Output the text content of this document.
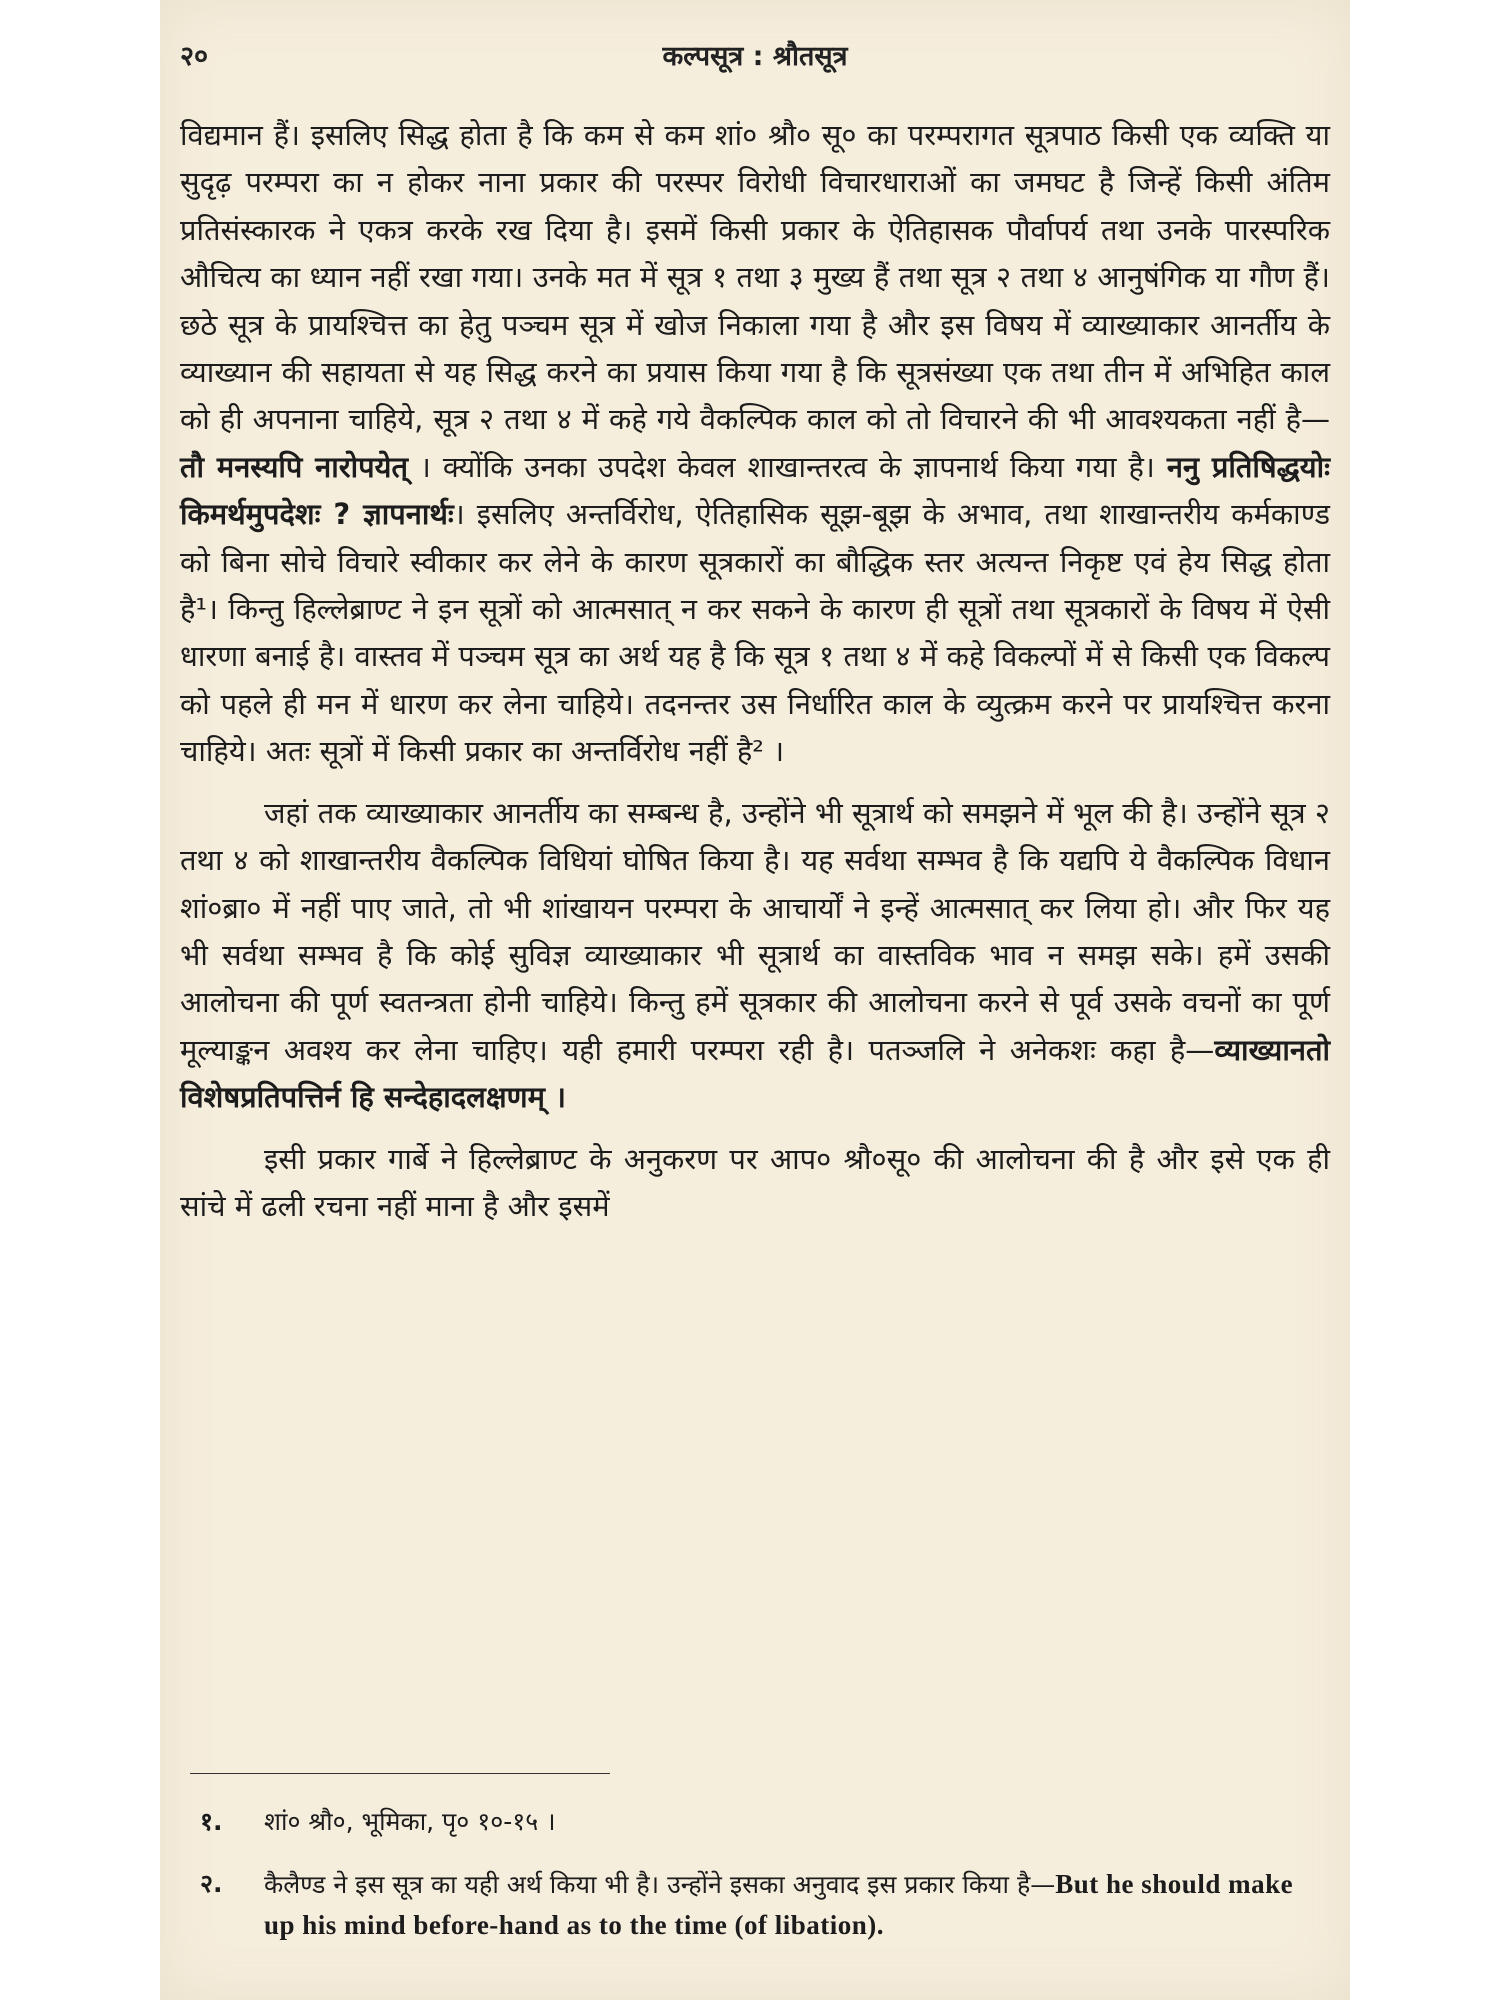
२०	कल्पसूत्र : श्रौतसूत्र

विद्यमान हैं। इसलिए सिद्ध होता है कि कम से कम शां० श्रौ० सू० का परम्परागत सूत्रपाठ किसी एक व्यक्ति या सुदृढ़ परम्परा का न होकर नाना प्रकार की परस्पर विरोधी विचारधाराओं का जमघट है जिन्हें किसी अंतिम प्रतिसंस्कारक ने एकत्र करके रख दिया है। इसमें किसी प्रकार के ऐतिहासक पौर्वापर्य तथा उनके पारस्परिक औचित्य का ध्यान नहीं रखा गया। उनके मत में सूत्र १ तथा ३ मुख्य हैं तथा सूत्र २ तथा ४ आनुषंगिक या गौण हैं। छठे सूत्र के प्रायश्चित्त का हेतु पञ्चम सूत्र में खोज निकाला गया है और इस विषय में व्याख्याकार आनर्तीय के व्याख्यान की सहायता से यह सिद्ध करने का प्रयास किया गया है कि सूत्रसंख्या एक तथा तीन में अभिहित काल को ही अपनाना चाहिये, सूत्र २ तथा ४ में कहे गये वैकल्पिक काल को तो विचारने की भी आवश्यकता नहीं है— तौ मनस्यपि नारोपयेत् । क्योंकि उनका उपदेश केवल शाखान्तरत्व के ज्ञापनार्थ किया गया है। ननु प्रतिषिद्धयोः किमर्थमुपदेशः ? ज्ञापनार्थः। इसलिए अन्तर्विरोध, ऐतिहासिक सूझ-बूझ के अभाव, तथा शाखान्तरीय कर्मकाण्ड को बिना सोचे विचारे स्वीकार कर लेने के कारण सूत्रकारों का बौद्धिक स्तर अत्यन्त निकृष्ट एवं हेय सिद्ध होता है¹। किन्तु हिल्लेब्राण्ट ने इन सूत्रों को आत्मसात् न कर सकने के कारण ही सूत्रों तथा सूत्रकारों के विषय में ऐसी धारणा बनाई है। वास्तव में पञ्चम सूत्र का अर्थ यह है कि सूत्र १ तथा ४ में कहे विकल्पों में से किसी एक विकल्प को पहले ही मन में धारण कर लेना चाहिये। तदनन्तर उस निर्धारित काल के व्युत्क्रम करने पर प्रायश्चित्त करना चाहिये। अतः सूत्रों में किसी प्रकार का अन्तर्विरोध नहीं है² ।

जहां तक व्याख्याकार आनर्तीय का सम्बन्ध है, उन्होंने भी सूत्रार्थ को समझने में भूल की है। उन्होंने सूत्र २ तथा ४ को शाखान्तरीय वैकल्पिक विधियां घोषित किया है। यह सर्वथा सम्भव है कि यद्यपि ये वैकल्पिक विधान शां०ब्रा० में नहीं पाए जाते, तो भी शांखायन परम्परा के आचार्यों ने इन्हें आत्मसात् कर लिया हो। और फिर यह भी सर्वथा सम्भव है कि कोई सुविज्ञ व्याख्याकार भी सूत्रार्थ का वास्तविक भाव न समझ सके। हमें उसकी आलोचना की पूर्ण स्वतन्त्रता होनी चाहिये। किन्तु हमें सूत्रकार की आलोचना करने से पूर्व उसके वचनों का पूर्ण मूल्याङ्कन अवश्य कर लेना चाहिए। यही हमारी परम्परा रही है। पतञ्जलि ने अनेकशः कहा है—व्याख्यानतो विशेषप्रतिपत्तिर्न हि सन्देहादलक्षणम् ।

इसी प्रकार गार्बे ने हिल्लेब्राण्ट के अनुकरण पर आप० श्रौ०सू० की आलोचना की है और इसे एक ही सांचे में ढली रचना नहीं माना है और इसमें

१. शां० श्रौ०, भूमिका, पृ० १०-१५ ।
२. कैलैण्ड ने इस सूत्र का यही अर्थ किया भी है। उन्होंने इसका अनुवाद इस प्रकार किया है—But he should make up his mind before-hand as to the time (of libation).
